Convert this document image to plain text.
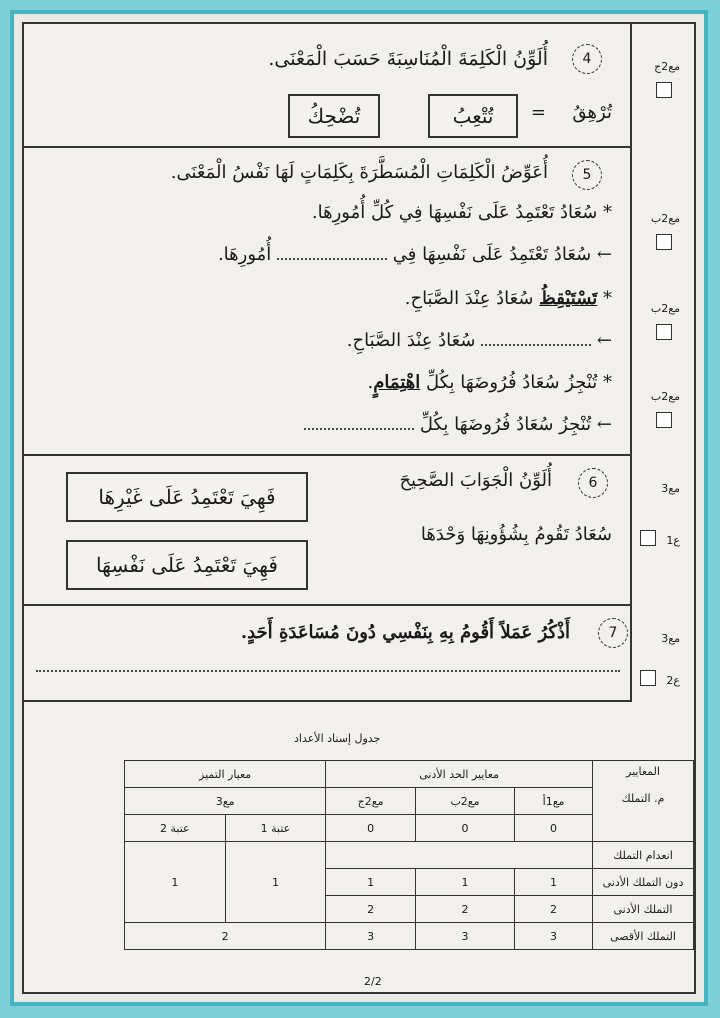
مع2ج
مع2ب
مع2ب
مع2ب
مع3
ع1
مع3
ع2
4
أُلَوِّنُ الْكَلِمَةَ الْمُنَاسِبَةَ حَسَبَ الْمَعْنَى.
تُرْهِقُ
=
تُتْعِبُ
تُضْحِكُ
5
أُعَوِّضُ الْكَلِمَاتِ الْمُسَطَّرَةَ بِكَلِمَاتٍ لَهَا نَفْسُ الْمَعْنَى.
* سُعَادُ تَعْتَمِدُ عَلَى نَفْسِهَا فِي كُلِّ أُمُورِهَا.
← سُعَادُ تَعْتَمِدُ عَلَى نَفْسِهَا فِي  أُمُورِهَا.
* تَسْتَيْقِظُ سُعَادُ عِنْدَ الصَّبَاحِ.
←  سُعَادُ عِنْدَ الصَّبَاحِ.
* تُنْجِزُ سُعَادُ فُرُوضَهَا بِكُلِّ اهْتِمَامٍ.
← تُنْجِزُ سُعَادُ فُرُوضَهَا بِكُلِّ
6
أُلَوِّنُ الْجَوَابَ الصَّحِيحَ
سُعَادُ تَقُومُ بِشُؤُونِهَا وَحْدَهَا
فَهِيَ تَعْتَمِدُ عَلَى غَيْرِهَا
فَهِيَ تَعْتَمِدُ عَلَى نَفْسِهَا
7
أَذْكُرُ عَمَلاً أَقُومُ بِهِ بِنَفْسِي دُونَ مُسَاعَدَةِ أَحَدٍ.
جدول إسناد الأعداد
المعايير
م. التملك	معايير الحد الأدنى			معيار التميز	
	مع1أ	مع2ب	مع2ج	مع3	
	0	0	0	عتبة 1	عتبة 2
انعدام التملك				1	1
دون التملك الأدنى	1	1	1		
التملك الأدنى	2	2	2		
التملك الأقصى	3	3	3	2	
2/2
